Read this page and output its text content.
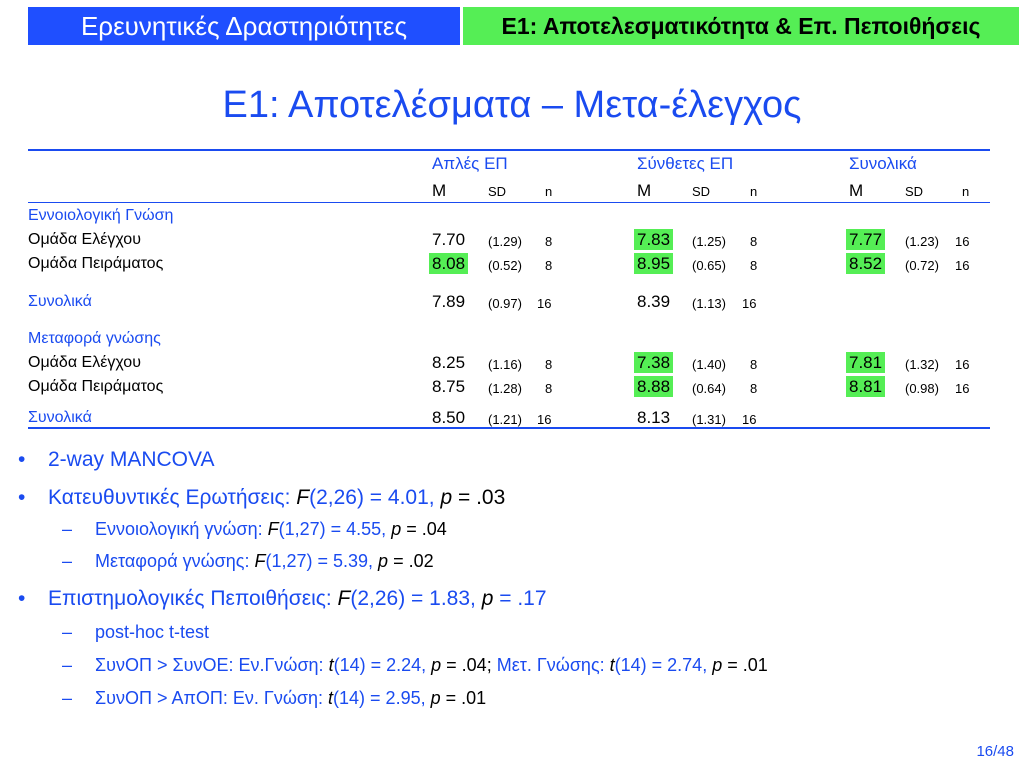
Ερευνητικές Δραστηριότητες	Ε1: Αποτελεσματικότητα & Επ. Πεποιθήσεις
Ε1: Αποτελέσματα – Μετα-έλεγχος
Απλές ΕΠ	Σύνθετες ΕΠ	Συνολικά
M	SD	n	M	SD	n	M	SD	n
Εννοιολογική Γνώση
Ομάδα Ελέγχου	7.70 (1.29) 8	7.83 (1.25) 8	7.77 (1.23) 16
Ομάδα Πειράματος	8.08 (0.52) 8	8.95 (0.65) 8	8.52 (0.72) 16
Συνολικά	7.89 (0.97) 16	8.39 (1.13) 16
Μεταφορά γνώσης
Ομάδα Ελέγχου	8.25 (1.16) 8	7.38 (1.40) 8	7.81 (1.32) 16
Ομάδα Πειράματος	8.75 (1.28) 8	8.88 (0.64) 8	8.81 (0.98) 16
Συνολικά	8.50 (1.21) 16	8.13 (1.31) 16
• 2-way MANCOVA
• Κατευθυντικές Ερωτήσεις: F(2,26) = 4.01, p = .03
– Εννοιολογική γνώση: F(1,27) = 4.55, p = .04
– Μεταφορά γνώσης: F(1,27) = 5.39, p = .02
• Επιστημολογικές Πεποιθήσεις: F(2,26) = 1.83, p = .17
– post-hoc t-test
– ΣυνΟΠ > ΣυνΟΕ: Εν.Γνώση: t(14) = 2.24, p = .04; Μετ. Γνώσης: t(14) = 2.74, p = .01
– ΣυνΟΠ > ΑπΟΠ: Εν. Γνώση: t(14) = 2.95, p = .01
16/48
